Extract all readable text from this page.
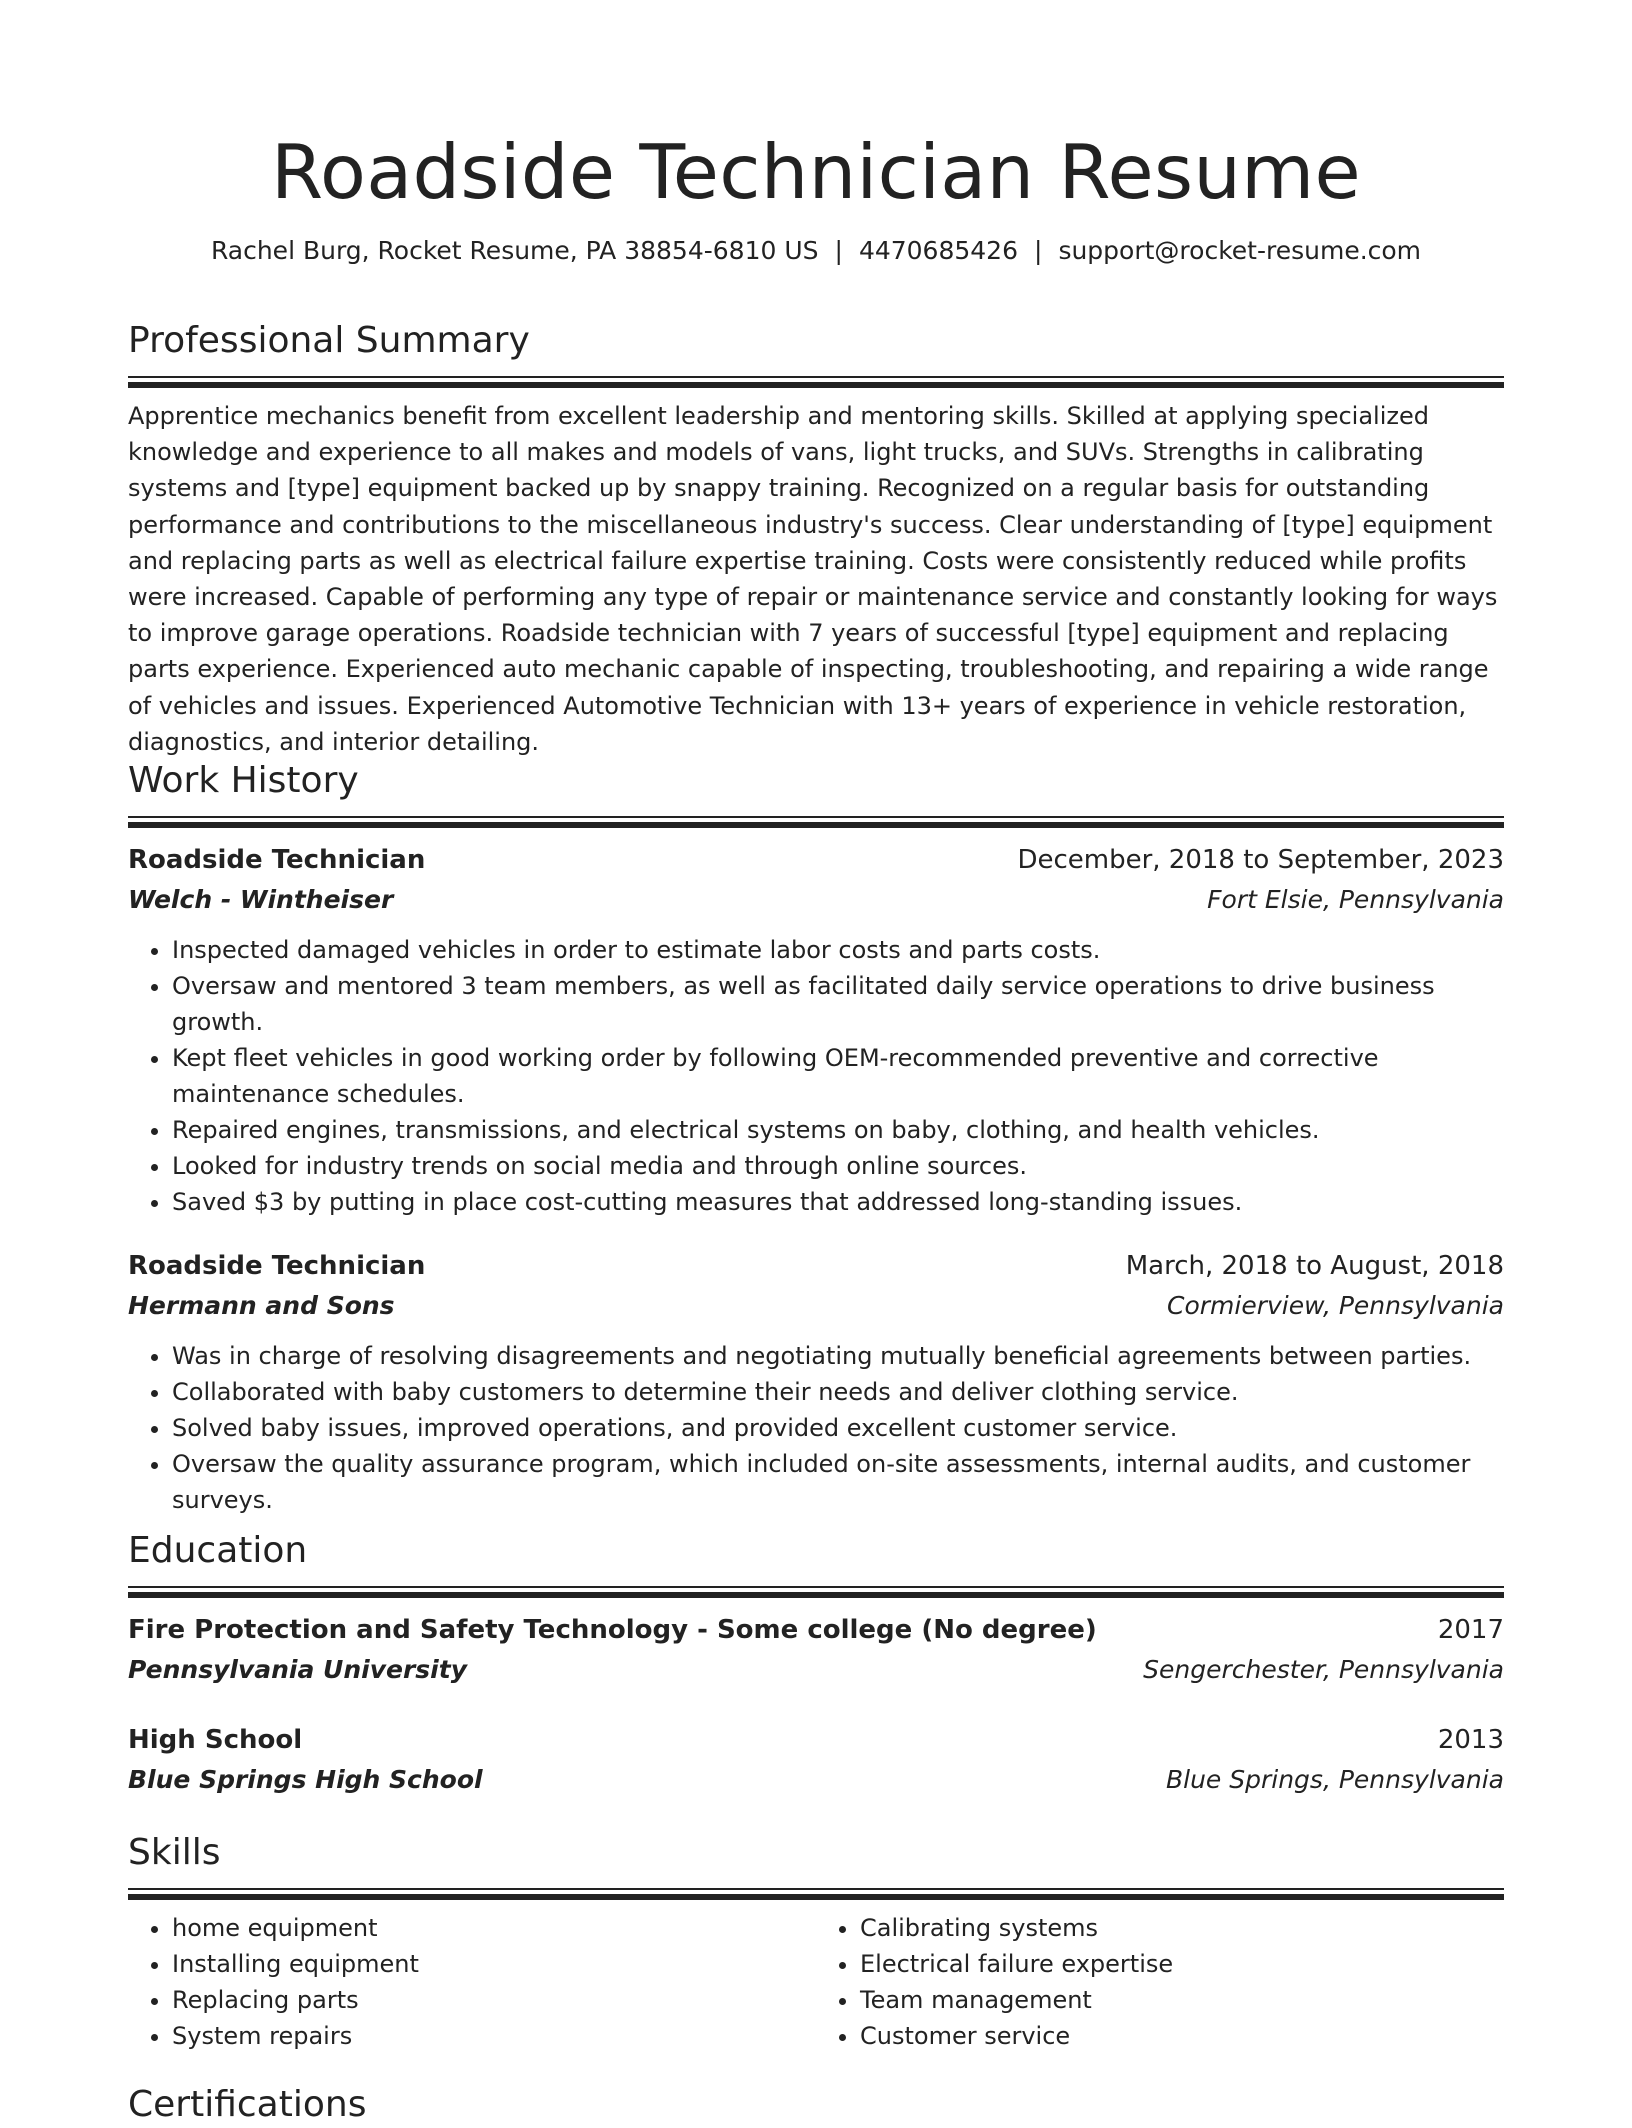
Roadside Technician Resume
Rachel Burg, Rocket Resume, PA 38854-6810 US | 4470685426 | support@rocket-resume.com
Professional Summary

Apprentice mechanics benefit from excellent leadership and mentoring skills. Skilled at applying specialized knowledge and experience to all makes and models of vans, light trucks, and SUVs. Strengths in calibrating systems and [type] equipment backed up by snappy training. Recognized on a regular basis for outstanding performance and contributions to the miscellaneous industry's success. Clear understanding of [type] equipment and replacing parts as well as electrical failure expertise training. Costs were consistently reduced while profits were increased. Capable of performing any type of repair or maintenance service and constantly looking for ways to improve garage operations. Roadside technician with 7 years of successful [type] equipment and replacing parts experience. Experienced auto mechanic capable of inspecting, troubleshooting, and repairing a wide range of vehicles and issues. Experienced Automotive Technician with 13+ years of experience in vehicle restoration, diagnostics, and interior detailing.

Work History
Roadside Technician	December, 2018 to September, 2023
Welch - Wintheiser	Fort Elsie, Pennsylvania
• Inspected damaged vehicles in order to estimate labor costs and parts costs.
• Oversaw and mentored 3 team members, as well as facilitated daily service operations to drive business growth.
• Kept fleet vehicles in good working order by following OEM-recommended preventive and corrective maintenance schedules.
• Repaired engines, transmissions, and electrical systems on baby, clothing, and health vehicles.
• Looked for industry trends on social media and through online sources.
• Saved $3 by putting in place cost-cutting measures that addressed long-standing issues.
Roadside Technician	March, 2018 to August, 2018
Hermann and Sons	Cormierview, Pennsylvania
• Was in charge of resolving disagreements and negotiating mutually beneficial agreements between parties.
• Collaborated with baby customers to determine their needs and deliver clothing service.
• Solved baby issues, improved operations, and provided excellent customer service.
• Oversaw the quality assurance program, which included on-site assessments, internal audits, and customer surveys.
Education
Fire Protection and Safety Technology - Some college (No degree)	2017
Pennsylvania University	Sengerchester, Pennsylvania
High School	2013
Blue Springs High School	Blue Springs, Pennsylvania
Skills
• home equipment
• Installing equipment
• Replacing parts
• System repairs
• Calibrating systems
• Electrical failure expertise
• Team management
• Customer service
Certifications
